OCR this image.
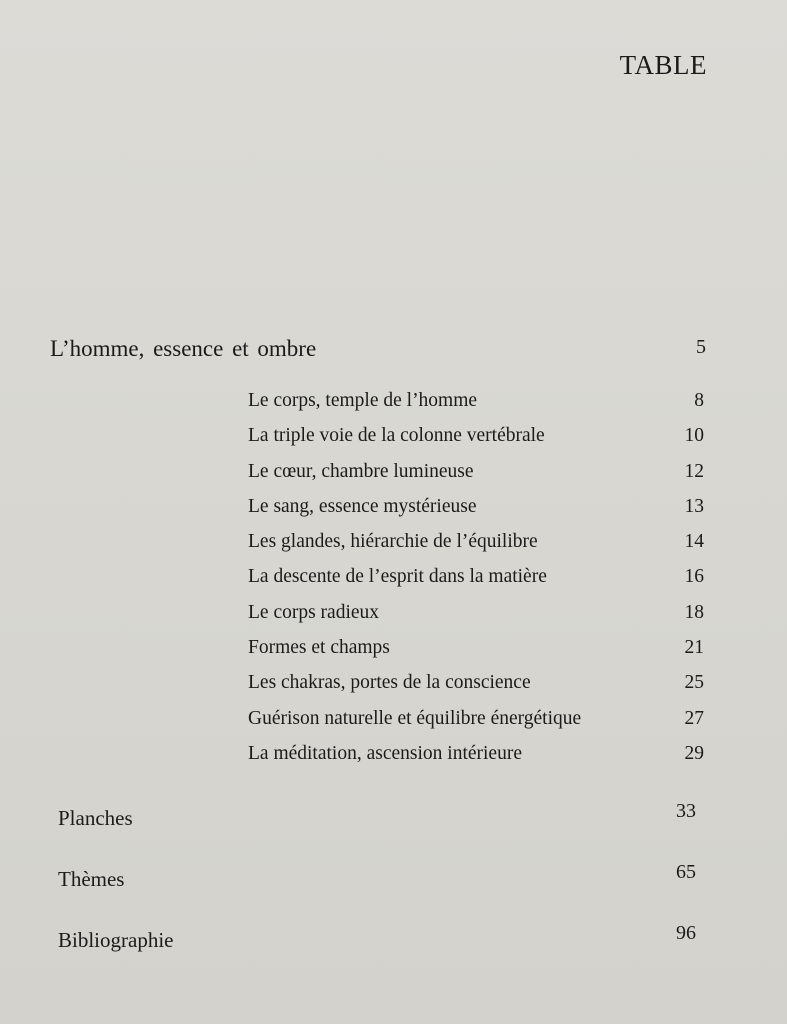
TABLE
L’homme, essence et ombre	5
Le corps, temple de l’homme	8
La triple voie de la colonne vertébrale	10
Le cœur, chambre lumineuse	12
Le sang, essence mystérieuse	13
Les glandes, hiérarchie de l’équilibre	14
La descente de l’esprit dans la matière	16
Le corps radieux	18
Formes et champs	21
Les chakras, portes de la conscience	25
Guérison naturelle et équilibre énergétique	27
La méditation, ascension intérieure	29
Planches	33
Thèmes	65
Bibliographie	96
